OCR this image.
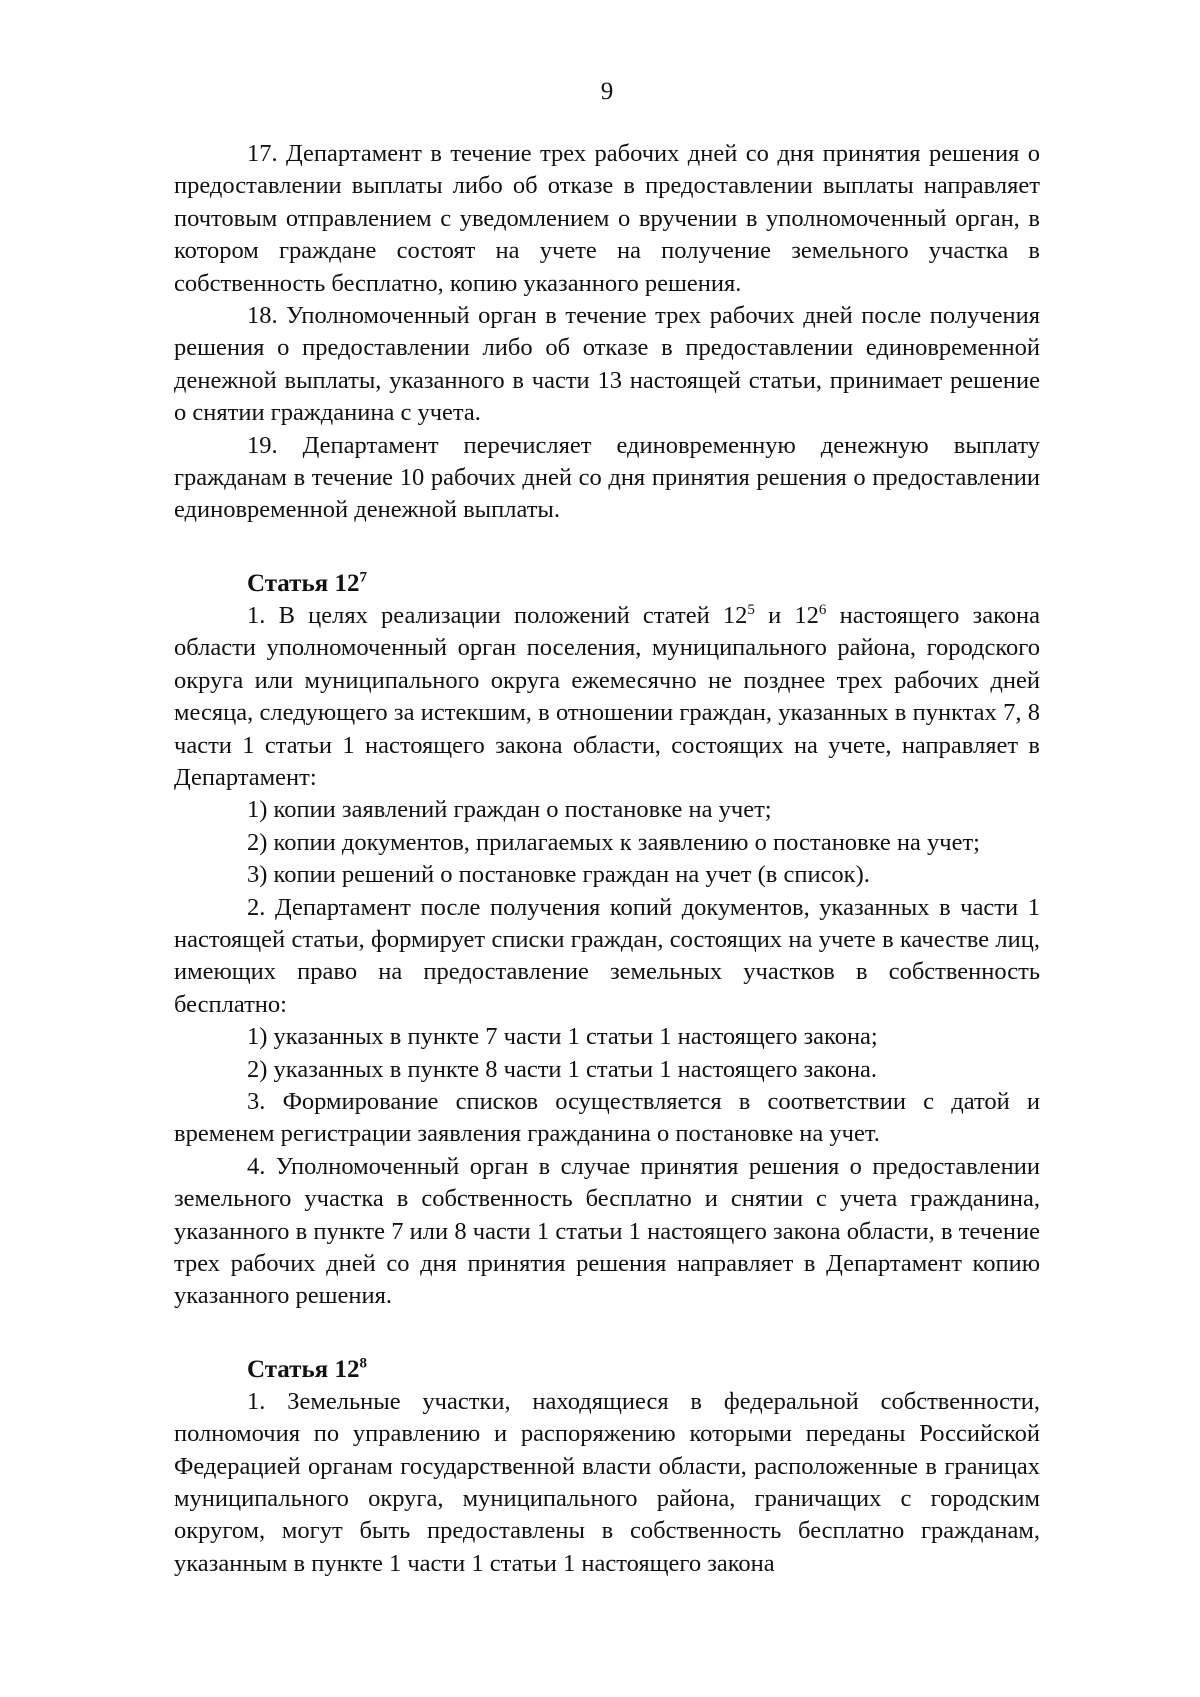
9

17. Департамент в течение трех рабочих дней со дня принятия решения о предоставлении выплаты либо об отказе в предоставлении выплаты направляет почтовым отправлением с уведомлением о вручении в уполномоченный орган, в котором граждане состоят на учете на получение земельного участка в собственность бесплатно, копию указанного решения.

18. Уполномоченный орган в течение трех рабочих дней после получения решения о предоставлении либо об отказе в предоставлении единовременной денежной выплаты, указанного в части 13 настоящей статьи, принимает решение о снятии гражданина с учета.

19. Департамент перечисляет единовременную денежную выплату гражданам в течение 10 рабочих дней со дня принятия решения о предоставлении единовременной денежной выплаты.

Статья $12^7$

1. В целях реализации положений статей $12^5$ и $12^6$ настоящего закона области уполномоченный орган поселения, муниципального района, городского округа или муниципального округа ежемесячно не позднее трех рабочих дней месяца, следующего за истекшим, в отношении граждан, указанных в пунктах 7, 8 части 1 статьи 1 настоящего закона области, состоящих на учете, направляет в Департамент:

1) копии заявлений граждан о постановке на учет;

2) копии документов, прилагаемых к заявлению о постановке на учет;

3) копии решений о постановке граждан на учет (в список).

2. Департамент после получения копий документов, указанных в части 1 настоящей статьи, формирует списки граждан, состоящих на учете в качестве лиц, имеющих право на предоставление земельных участков в собственность бесплатно:

1) указанных в пункте 7 части 1 статьи 1 настоящего закона;

2) указанных в пункте 8 части 1 статьи 1 настоящего закона.

3. Формирование списков осуществляется в соответствии с датой и временем регистрации заявления гражданина о постановке на учет.

4. Уполномоченный орган в случае принятия решения о предоставлении земельного участка в собственность бесплатно и снятии с учета гражданина, указанного в пункте 7 или 8 части 1 статьи 1 настоящего закона области, в течение трех рабочих дней со дня принятия решения направляет в Департамент копию указанного решения.

Статья $12^8$

1. Земельные участки, находящиеся в федеральной собственности, полномочия по управлению и распоряжению которыми переданы Российской Федерацией органам государственной власти области, расположенные в границах муниципального округа, муниципального района, граничащих с городским округом, могут быть предоставлены в собственность бесплатно гражданам, указанным в пункте 1 части 1 статьи 1 настоящего закона
